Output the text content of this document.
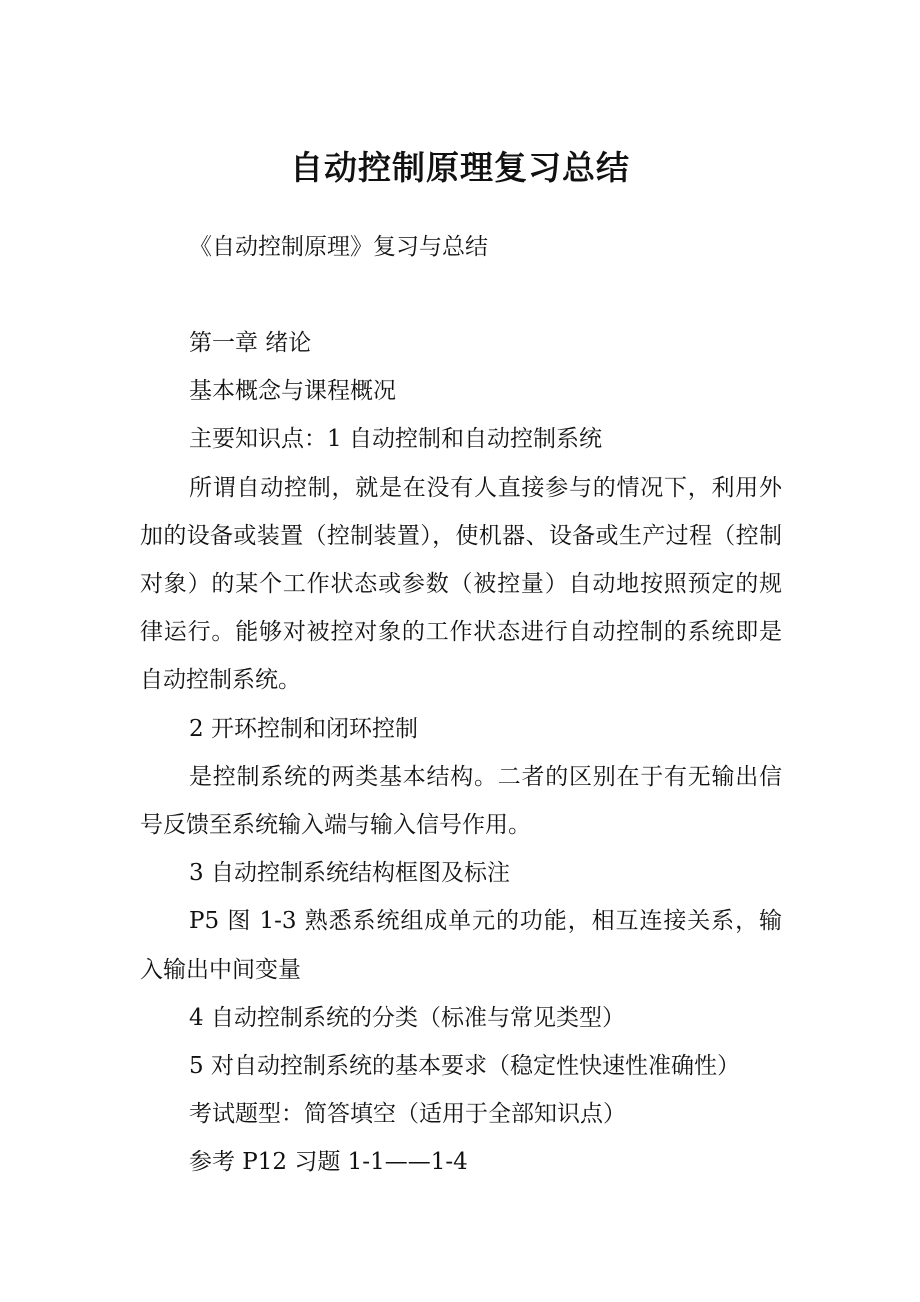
自动控制原理复习总结
《自动控制原理》复习与总结

第一章 绪论

基本概念与课程概况

主要知识点：1 自动控制和自动控制系统

所谓自动控制，就是在没有人直接参与的情况下，利用外加的设备或装置（控制装置），使机器、设备或生产过程（控制对象）的某个工作状态或参数（被控量）自动地按照预定的规律运行。能够对被控对象的工作状态进行自动控制的系统即是自动控制系统。

2 开环控制和闭环控制

是控制系统的两类基本结构。二者的区别在于有无输出信号反馈至系统输入端与输入信号作用。

3 自动控制系统结构框图及标注

P5 图 1-3 熟悉系统组成单元的功能，相互连接关系，输入输出中间变量

4 自动控制系统的分类（标准与常见类型）

5 对自动控制系统的基本要求（稳定性快速性准确性）

考试题型：简答填空（适用于全部知识点）

参考 P12 习题 1-1——1-4
